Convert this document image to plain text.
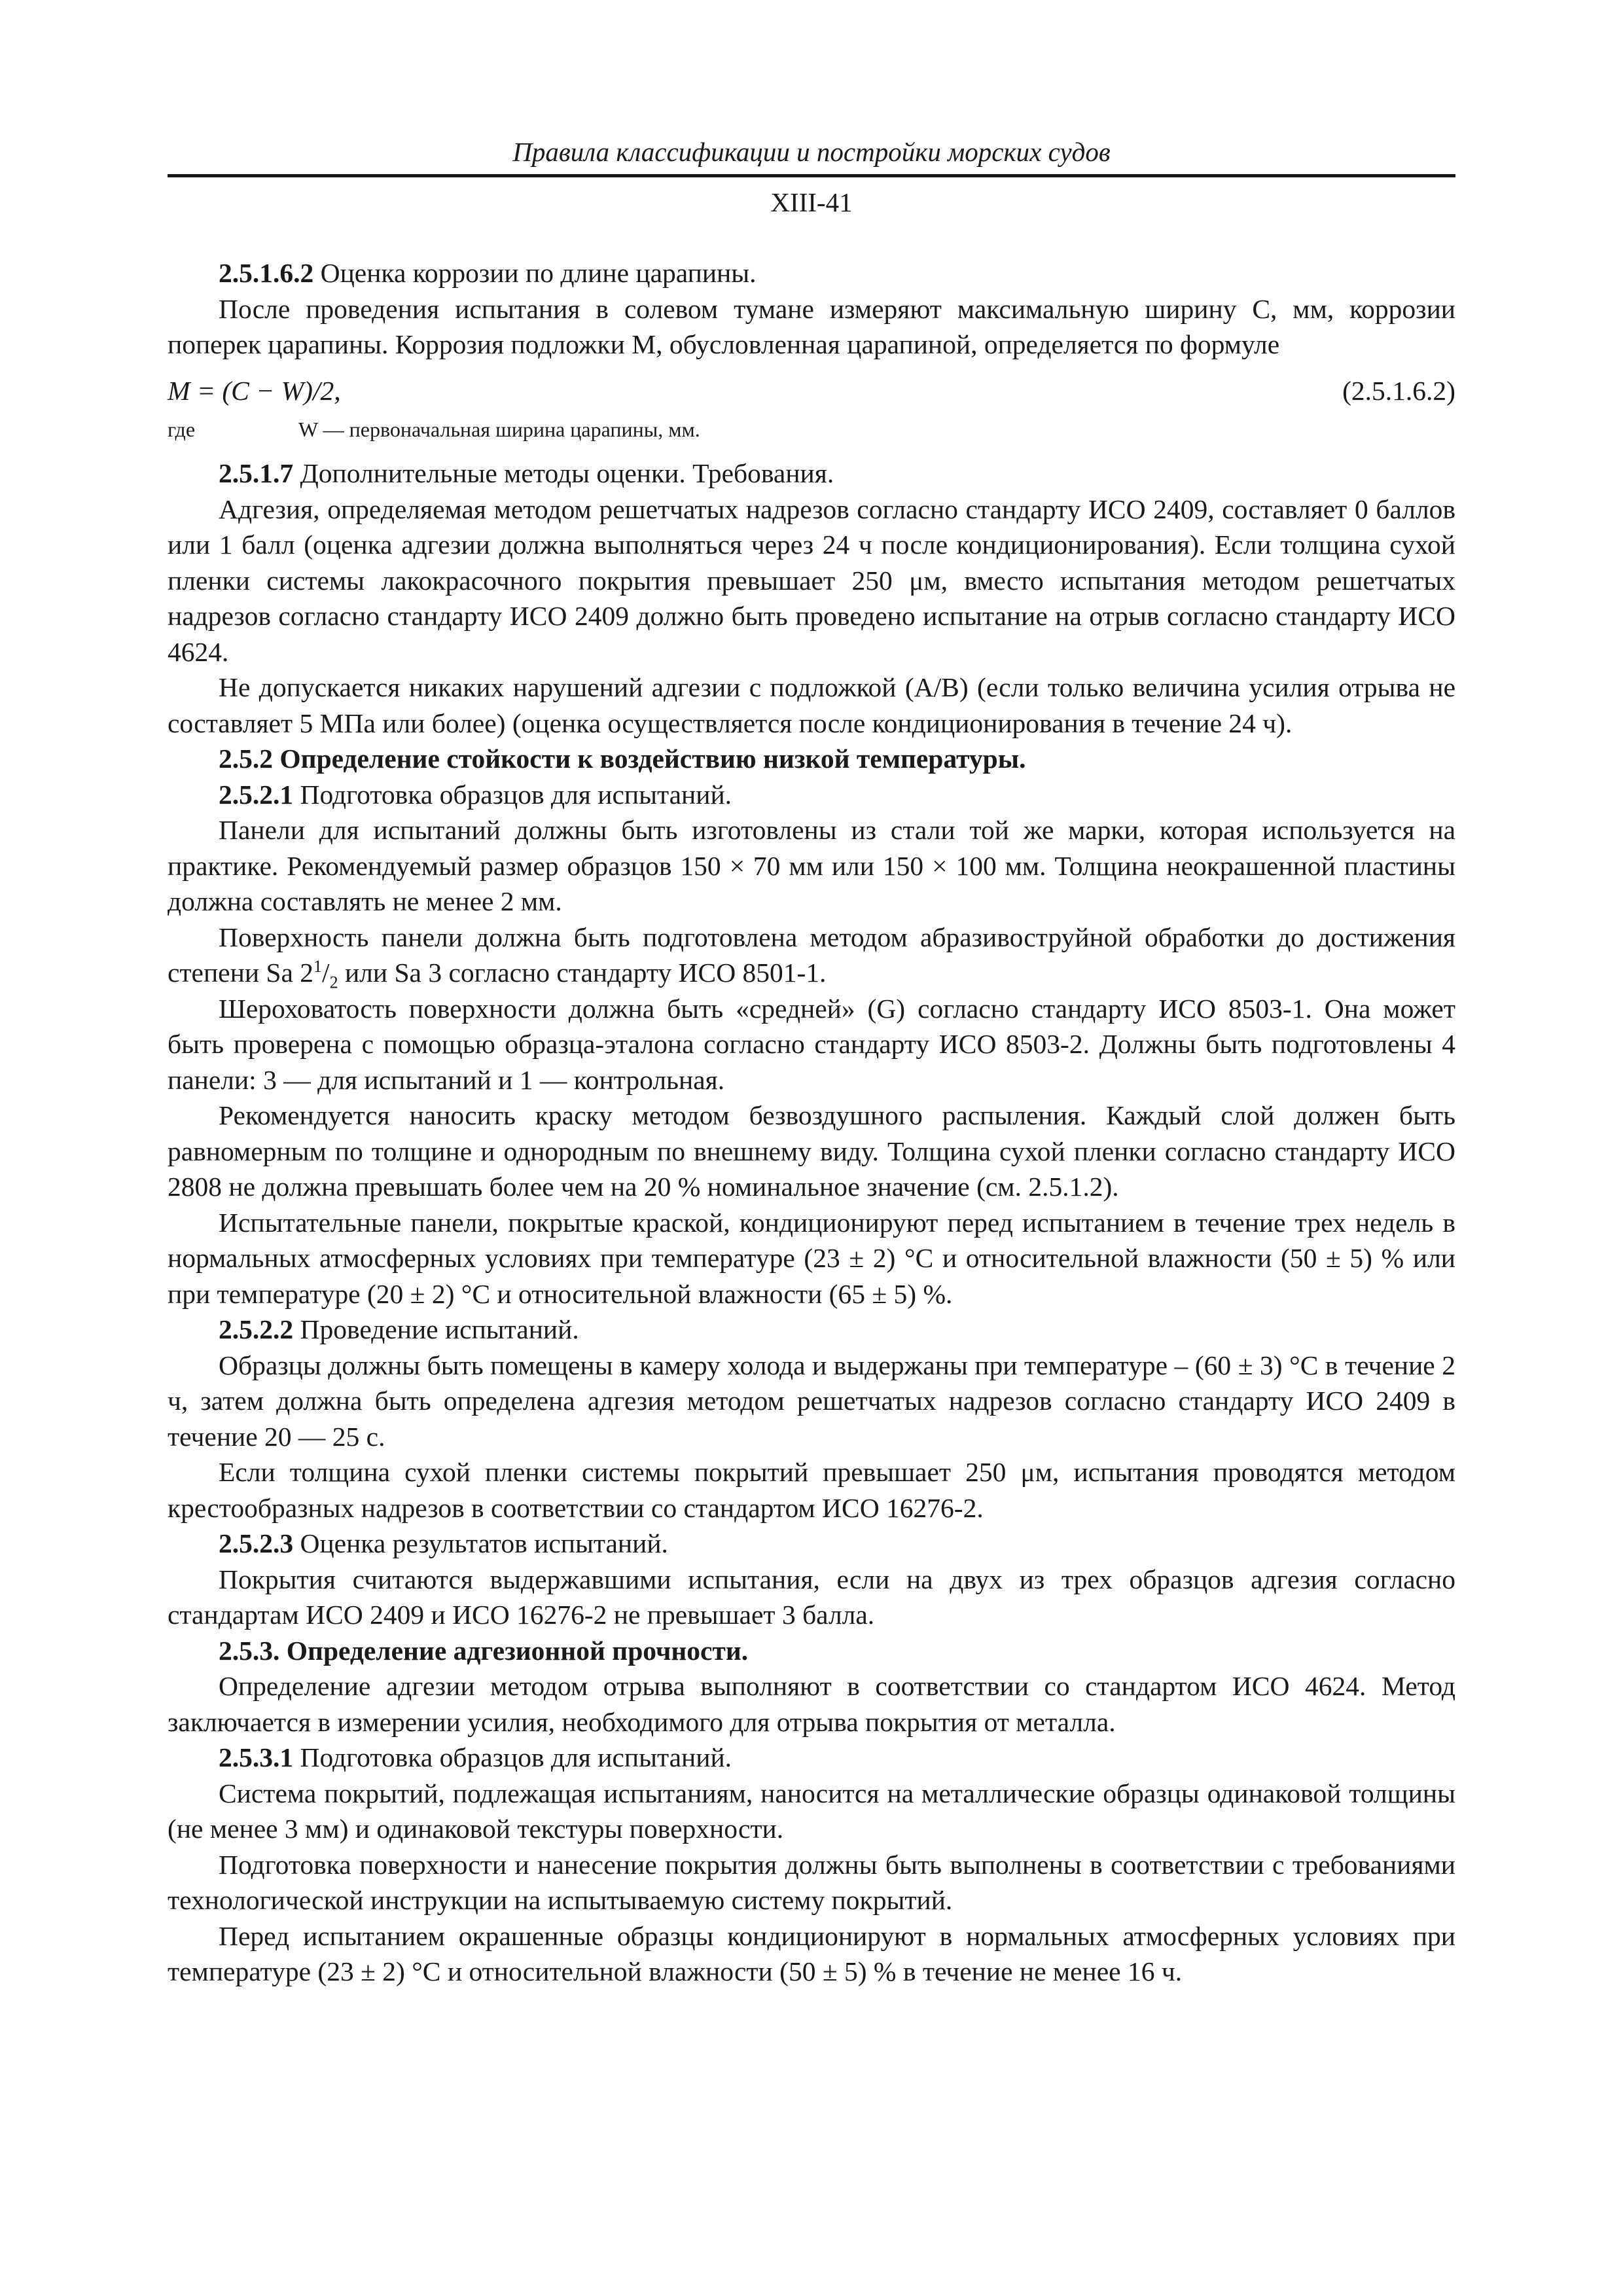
Правила классификации и постройки морских судов
XIII-41

2.5.1.6.2 Оценка коррозии по длине царапины.

После проведения испытания в солевом тумане измеряют максимальную ширину C, мм, коррозии поперек царапины. Коррозия подложки M, обусловленная царапиной, определяется по формуле

M = (C − W)/2,	(2.5.1.6.2)
где	W — первоначальная ширина царапины, мм.

2.5.1.7 Дополнительные методы оценки. Требования.

Адгезия, определяемая методом решетчатых надрезов согласно стандарту ИСО 2409, составляет 0 баллов или 1 балл (оценка адгезии должна выполняться через 24 ч после кондиционирования). Если толщина сухой пленки системы лакокрасочного покрытия превышает 250 μм, вместо испытания методом решетчатых надрезов согласно стандарту ИСО 2409 должно быть проведено испытание на отрыв согласно стандарту ИСО 4624.

Не допускается никаких нарушений адгезии с подложкой (A/B) (если только величина усилия отрыва не составляет 5 МПа или более) (оценка осуществляется после кондиционирования в течение 24 ч).

2.5.2 Определение стойкости к воздействию низкой температуры.

2.5.2.1 Подготовка образцов для испытаний.

Панели для испытаний должны быть изготовлены из стали той же марки, которая используется на практике. Рекомендуемый размер образцов 150 × 70 мм или 150 × 100 мм. Толщина неокрашенной пластины должна составлять не менее 2 мм.

Поверхность панели должна быть подготовлена методом абразивоструйной обработки до достижения степени Sa $2^1/_2$ или Sa 3 согласно стандарту ИСО 8501-1.

Шероховатость поверхности должна быть «средней» (G) согласно стандарту ИСО 8503-1. Она может быть проверена с помощью образца-эталона согласно стандарту ИСО 8503-2. Должны быть подготовлены 4 панели: 3 — для испытаний и 1 — контрольная.

Рекомендуется наносить краску методом безвоздушного распыления. Каждый слой должен быть равномерным по толщине и однородным по внешнему виду. Толщина сухой пленки согласно стандарту ИСО 2808 не должна превышать более чем на 20 % номинальное значение (см. 2.5.1.2).

Испытательные панели, покрытые краской, кондиционируют перед испытанием в течение трех недель в нормальных атмосферных условиях при температуре (23 ± 2) °C и относительной влажности (50 ± 5) % или при температуре (20 ± 2) °C и относительной влажности (65 ± 5) %.

2.5.2.2 Проведение испытаний.

Образцы должны быть помещены в камеру холода и выдержаны при температуре – (60 ± 3) °C в течение 2 ч, затем должна быть определена адгезия методом решетчатых надрезов согласно стандарту ИСО 2409 в течение 20 — 25 с.

Если толщина сухой пленки системы покрытий превышает 250 μм, испытания проводятся методом крестообразных надрезов в соответствии со стандартом ИСО 16276-2.

2.5.2.3 Оценка результатов испытаний.

Покрытия считаются выдержавшими испытания, если на двух из трех образцов адгезия согласно стандартам ИСО 2409 и ИСО 16276-2 не превышает 3 балла.

2.5.3. Определение адгезионной прочности.

Определение адгезии методом отрыва выполняют в соответствии со стандартом ИСО 4624. Метод заключается в измерении усилия, необходимого для отрыва покрытия от металла.

2.5.3.1 Подготовка образцов для испытаний.

Система покрытий, подлежащая испытаниям, наносится на металлические образцы одинаковой толщины (не менее 3 мм) и одинаковой текстуры поверхности.

Подготовка поверхности и нанесение покрытия должны быть выполнены в соответствии с требованиями технологической инструкции на испытываемую систему покрытий.

Перед испытанием окрашенные образцы кондиционируют в нормальных атмосферных условиях при температуре (23 ± 2) °C и относительной влажности (50 ± 5) % в течение не менее 16 ч.
